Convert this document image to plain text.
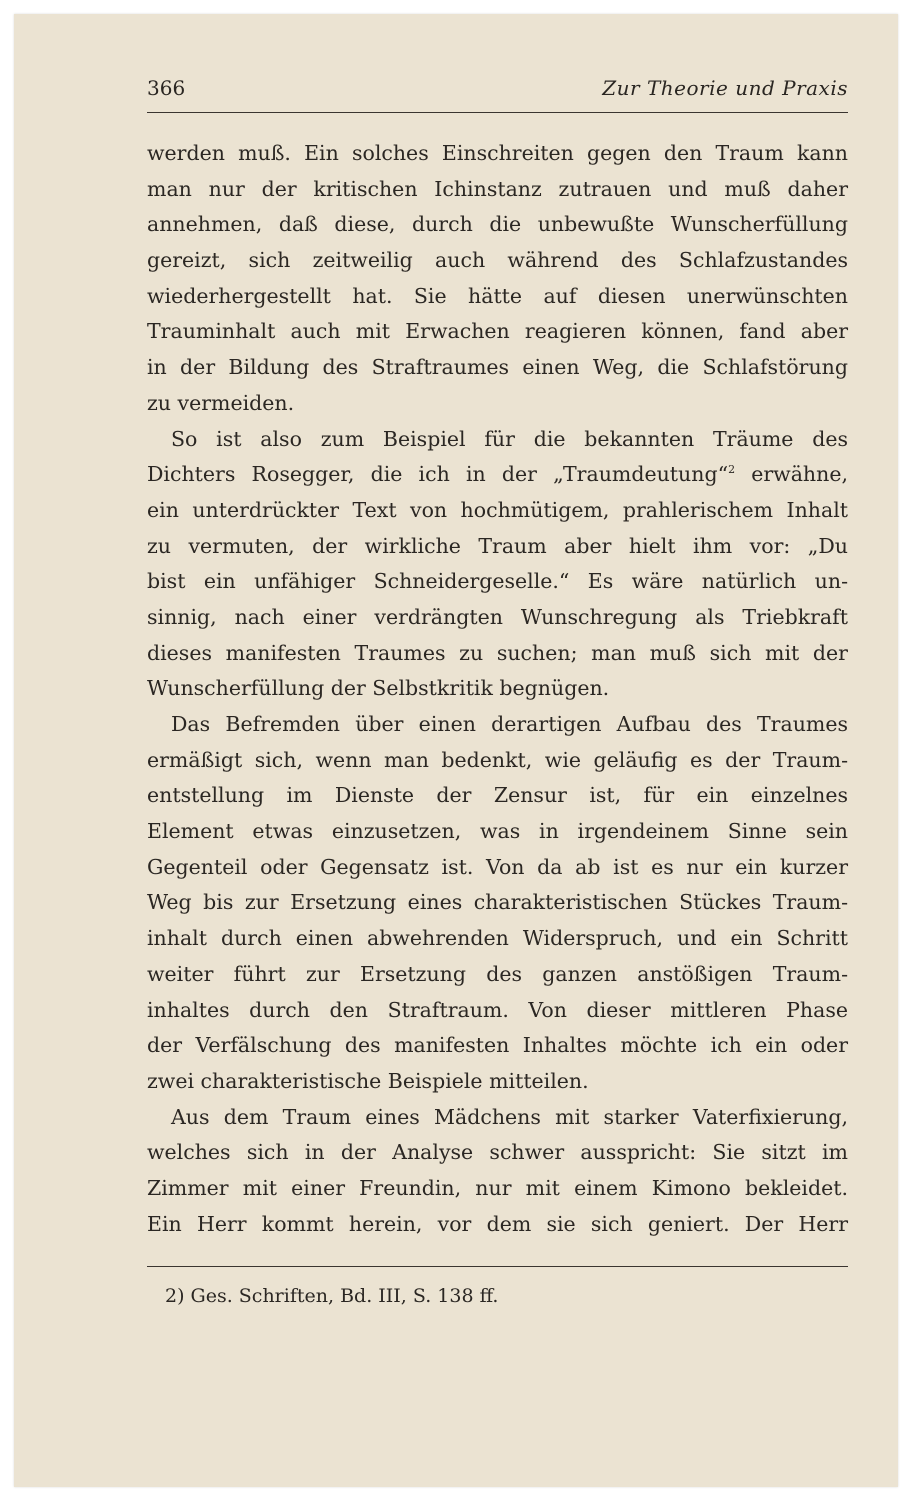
366	Zur Theorie und Praxis
werden muß. Ein solches Einschreiten gegen den Traum kann
man nur der kritischen Ichinstanz zutrauen und muß daher
annehmen, daß diese, durch die unbewußte Wunscherfüllung
gereizt, sich zeitweilig auch während des Schlafzustandes
wiederhergestellt hat. Sie hätte auf diesen unerwünschten
Trauminhalt auch mit Erwachen reagieren können, fand aber
in der Bildung des Straftraumes einen Weg, die Schlafstörung
zu vermeiden.
So ist also zum Beispiel für die bekannten Träume des
Dichters Rosegger, die ich in der „Traumdeutung“$^2$ erwähne,
ein unterdrückter Text von hochmütigem, prahlerischem Inhalt
zu vermuten, der wirkliche Traum aber hielt ihm vor: „Du
bist ein unfähiger Schneidergeselle.“ Es wäre natürlich un-
sinnig, nach einer verdrängten Wunschregung als Triebkraft
dieses manifesten Traumes zu suchen; man muß sich mit der
Wunscherfüllung der Selbstkritik begnügen.
Das Befremden über einen derartigen Aufbau des Traumes
ermäßigt sich, wenn man bedenkt, wie geläufig es der Traum-
entstellung im Dienste der Zensur ist, für ein einzelnes
Element etwas einzusetzen, was in irgendeinem Sinne sein
Gegenteil oder Gegensatz ist. Von da ab ist es nur ein kurzer
Weg bis zur Ersetzung eines charakteristischen Stückes Traum-
inhalt durch einen abwehrenden Widerspruch, und ein Schritt
weiter führt zur Ersetzung des ganzen anstößigen Traum-
inhaltes durch den Straftraum. Von dieser mittleren Phase
der Verfälschung des manifesten Inhaltes möchte ich ein oder
zwei charakteristische Beispiele mitteilen.
Aus dem Traum eines Mädchens mit starker Vaterfixierung,
welches sich in der Analyse schwer ausspricht: Sie sitzt im
Zimmer mit einer Freundin, nur mit einem Kimono bekleidet.
Ein Herr kommt herein, vor dem sie sich geniert. Der Herr
2) Ges. Schriften, Bd. III, S. 138 ff.
